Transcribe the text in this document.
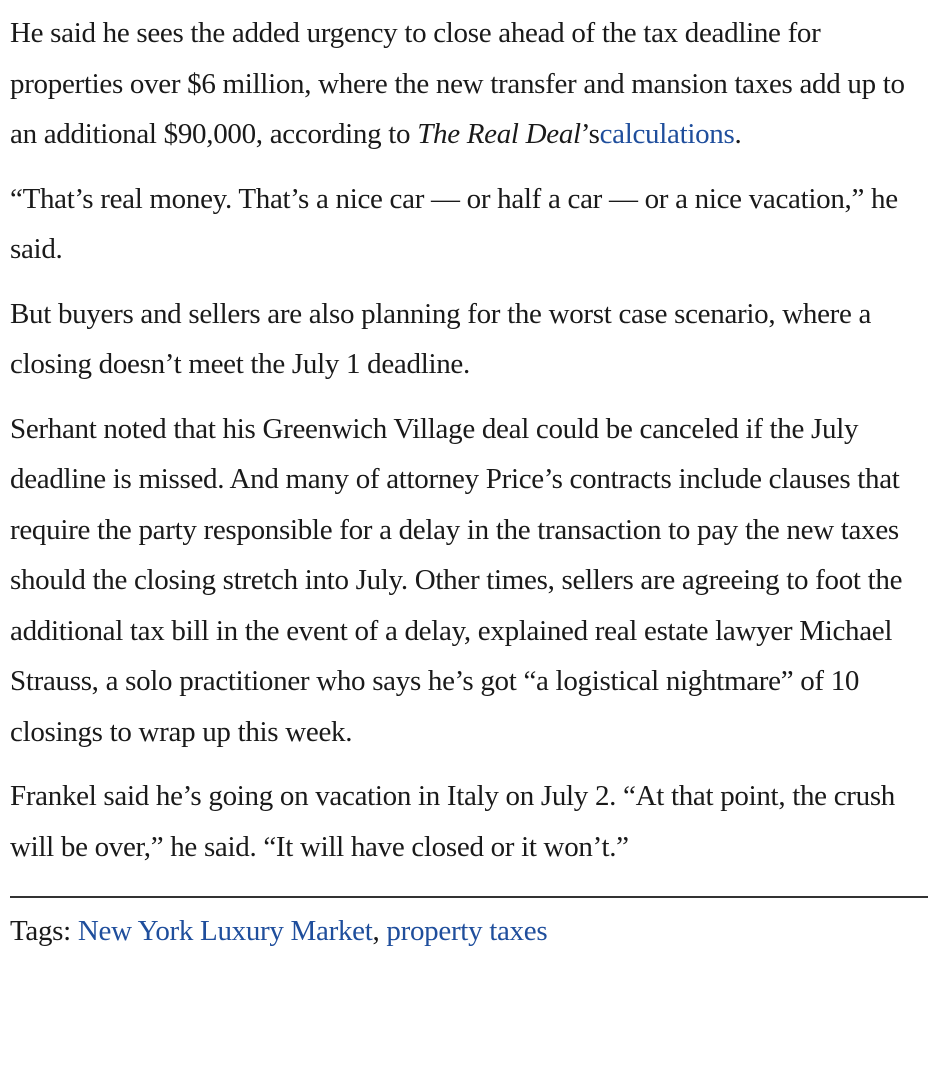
He said he sees the added urgency to close ahead of the tax deadline for properties over $6 million, where the new transfer and mansion taxes add up to an additional $90,000, according to The Real Deal’scalculations.

“That’s real money. That’s a nice car — or half a car — or a nice vacation,” he said.

But buyers and sellers are also planning for the worst case scenario, where a closing doesn’t meet the July 1 deadline.

Serhant noted that his Greenwich Village deal could be canceled if the July deadline is missed. And many of attorney Price’s contracts include clauses that require the party responsible for a delay in the transaction to pay the new taxes should the closing stretch into July. Other times, sellers are agreeing to foot the additional tax bill in the event of a delay, explained real estate lawyer Michael Strauss, a solo practitioner who says he’s got “a logistical nightmare” of 10 closings to wrap up this week.

Frankel said he’s going on vacation in Italy on July 2. “At that point, the crush will be over,” he said. “It will have closed or it won’t.”

Tags: New York Luxury Market, property taxes
